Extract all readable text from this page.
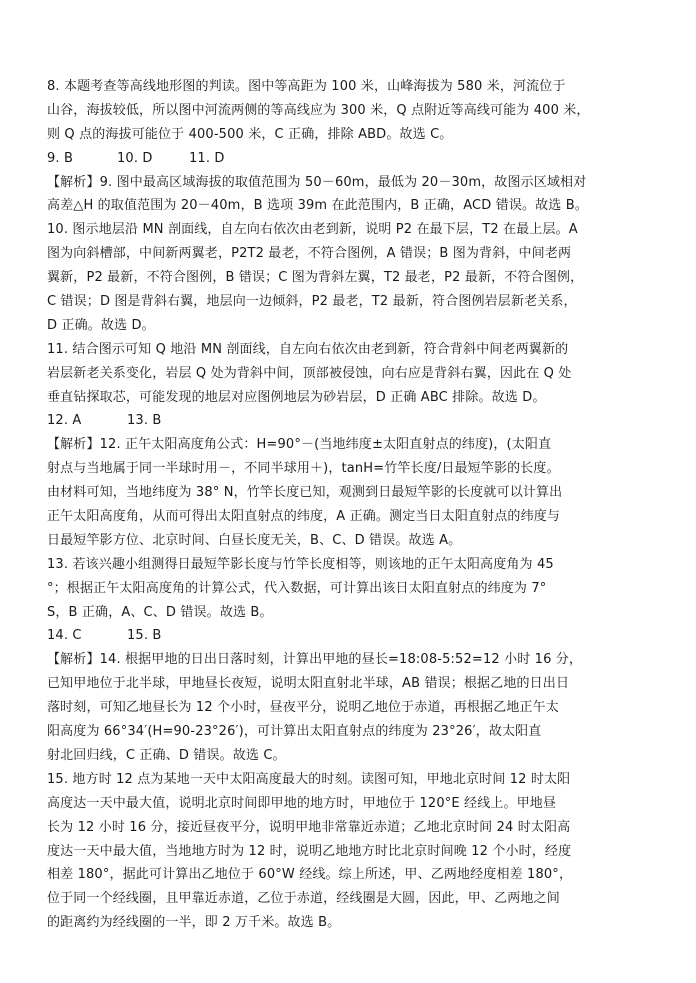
8. 本题考查等高线地形图的判读。图中等高距为 100 米，山峰海拔为 580 米，河流位于
山谷，海拔较低，所以图中河流两侧的等高线应为 300 米，Q 点附近等高线可能为 400 米，
则 Q 点的海拔可能位于 400-500 米，C 正确，排除 ABD。故选 C。
9. B	10. D	11. D
【解析】9. 图中最高区域海拔的取值范围为 50－60m，最低为 20－30m，故图示区域相对
高差△H 的取值范围为 20－40m，B 选项 39m 在此范围内，B 正确，ACD 错误。故选 B。
10. 图示地层沿 MN 剖面线，自左向右依次由老到新，说明 P2 在最下层，T2 在最上层。A
图为向斜槽部，中间新两翼老，P2T2 最老，不符合图例，A 错误；B 图为背斜，中间老两
翼新，P2 最新，不符合图例，B 错误；C 图为背斜左翼，T2 最老，P2 最新，不符合图例，
C 错误；D 图是背斜右翼，地层向一边倾斜，P2 最老，T2 最新，符合图例岩层新老关系，
D 正确。故选 D。
11. 结合图示可知 Q 地沿 MN 剖面线，自左向右依次由老到新，符合背斜中间老两翼新的
岩层新老关系变化，岩层 Q 处为背斜中间，顶部被侵蚀，向右应是背斜右翼，因此在 Q 处
垂直钻探取芯，可能发现的地层对应图例地层为砂岩层，D 正确 ABC 排除。故选 D。
12. A	13. B
【解析】12. 正午太阳高度角公式：H=90°－(当地纬度±太阳直射点的纬度)，(太阳直
射点与当地属于同一半球时用－，不同半球用＋)，tanH=竹竿长度/日最短竿影的长度。
由材料可知，当地纬度为 38° N，竹竿长度已知，观测到日最短竿影的长度就可以计算出
正午太阳高度角，从而可得出太阳直射点的纬度，A 正确。测定当日太阳直射点的纬度与
日最短竿影方位、北京时间、白昼长度无关，B、C、D 错误。故选 A。
13. 若该兴趣小组测得日最短竿影长度与竹竿长度相等，则该地的正午太阳高度角为 45
°；根据正午太阳高度角的计算公式，代入数据，可计算出该日太阳直射点的纬度为 7°
S，B 正确，A、C、D 错误。故选 B。
14. C	15. B
【解析】14. 根据甲地的日出日落时刻，计算出甲地的昼长=18:08-5:52=12 小时 16 分，
已知甲地位于北半球，甲地昼长夜短，说明太阳直射北半球，AB 错误；根据乙地的日出日
落时刻，可知乙地昼长为 12 个小时，昼夜平分，说明乙地位于赤道，再根据乙地正午太
阳高度为 66°34′(H=90-23°26′)，可计算出太阳直射点的纬度为 23°26′，故太阳直
射北回归线，C 正确、D 错误。故选 C。
15. 地方时 12 点为某地一天中太阳高度最大的时刻。读图可知，甲地北京时间 12 时太阳
高度达一天中最大值，说明北京时间即甲地的地方时，甲地位于 120°E 经线上。甲地昼
长为 12 小时 16 分，接近昼夜平分，说明甲地非常靠近赤道；乙地北京时间 24 时太阳高
度达一天中最大值，当地地方时为 12 时，说明乙地地方时比北京时间晚 12 个小时，经度
相差 180°，据此可计算出乙地位于 60°W 经线。综上所述，甲、乙两地经度相差 180°，
位于同一个经线圈，且甲靠近赤道，乙位于赤道，经线圈是大圆，因此，甲、乙两地之间
的距离约为经线圈的一半，即 2 万千米。故选 B。
